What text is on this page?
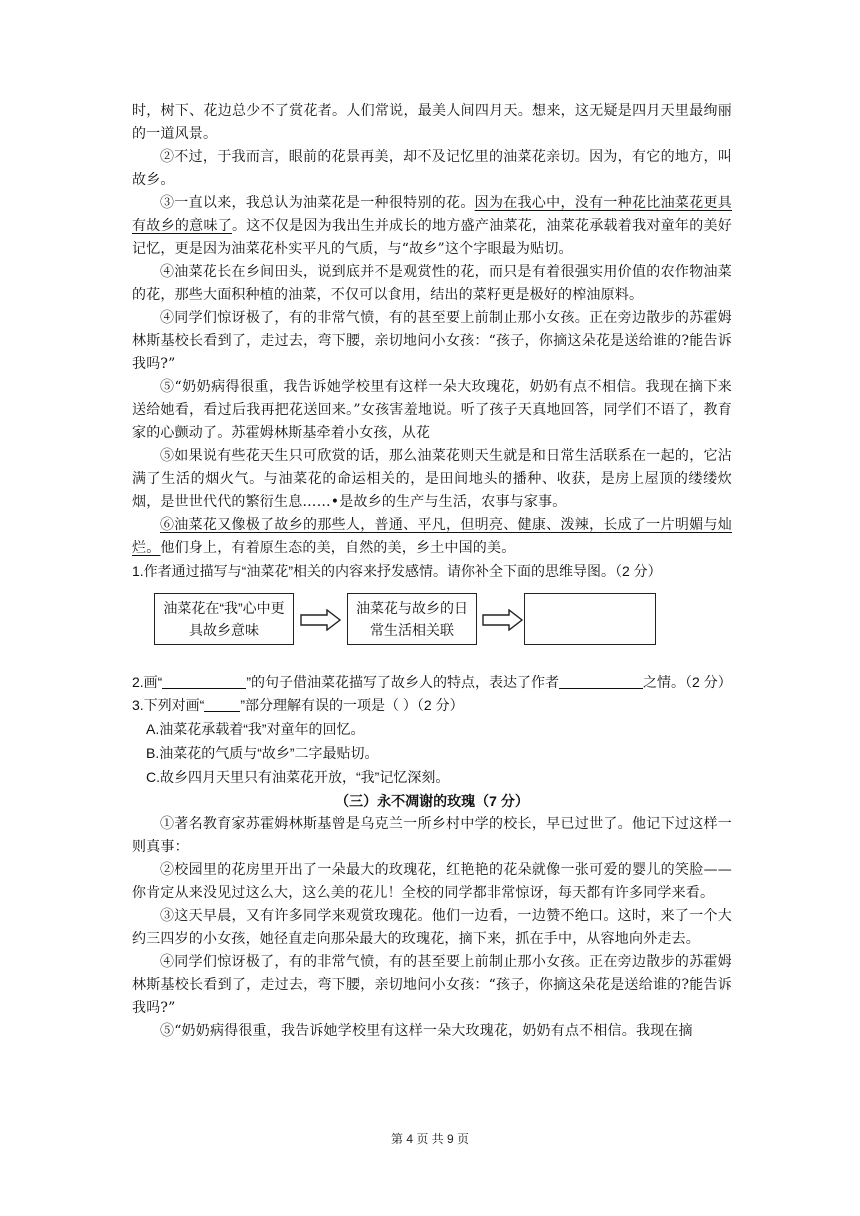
时，树下、花边总少不了赏花者。人们常说，最美人间四月天。想来，这无疑是四月天里最绚丽的一道风景。

②不过，于我而言，眼前的花景再美，却不及记忆里的油菜花亲切。因为，有它的地方，叫故乡。

③一直以来，我总认为油菜花是一种很特别的花。因为在我心中，没有一种花比油菜花更具有故乡的意味了。这不仅是因为我出生并成长的地方盛产油菜花，油菜花承载着我对童年的美好记忆，更是因为油菜花朴实平凡的气质，与“故乡”这个字眼最为贴切。

④油菜花长在乡间田头，说到底并不是观赏性的花，而只是有着很强实用价值的农作物油菜的花，那些大面积种植的油菜，不仅可以食用，结出的菜籽更是极好的榨油原料。

④同学们惊讶极了，有的非常气愤，有的甚至要上前制止那小女孩。正在旁边散步的苏霍姆林斯基校长看到了，走过去，弯下腰，亲切地问小女孩：“孩子，你摘这朵花是送给谁的?能告诉我吗?”

⑤“奶奶病得很重，我告诉她学校里有这样一朵大玫瑰花，奶奶有点不相信。我现在摘下来送给她看，看过后我再把花送回来。”女孩害羞地说。听了孩子天真地回答，同学们不语了，教育家的心颤动了。苏霍姆林斯基牵着小女孩，从花

⑤如果说有些花天生只可欣赏的话，那么油菜花则天生就是和日常生活联系在一起的，它沾满了生活的烟火气。与油菜花的命运相关的，是田间地头的播种、收获，是房上屋顶的缕缕炊烟，是世世代代的繁衍生息……•是故乡的生产与生活，农事与家事。

⑥油菜花又像极了故乡的那些人，普通、平凡，但明亮、健康、泼辣，长成了一片明媚与灿烂。他们身上，有着原生态的美，自然的美，乡土中国的美。

1.作者通过描写与“油菜花”相关的内容来抒发感情。请你补全下面的思维导图。（2 分）

油菜花在“我”心中更具故乡意味
油菜花与故乡的日常生活相关联

2.画“	”的句子借油菜花描写了故乡人的特点，表达了作者	之情。（2 分）

3.下列对画“	”部分理解有误的一项是（ ）（2 分）

A.油菜花承载着“我”对童年的回忆。

B.油菜花的气质与“故乡”二字最贴切。

C.故乡四月天里只有油菜花开放，“我”记忆深刻。

（三）永不凋谢的玫瑰（7 分）

①著名教育家苏霍姆林斯基曾是乌克兰一所乡村中学的校长，早已过世了。他记下过这样一则真事：

②校园里的花房里开出了一朵最大的玫瑰花，红艳艳的花朵就像一张可爱的婴儿的笑脸——你肯定从来没见过这么大，这么美的花儿！全校的同学都非常惊讶，每天都有许多同学来看。

③这天早晨，又有许多同学来观赏玫瑰花。他们一边看，一边赞不绝口。这时，来了一个大约三四岁的小女孩，她径直走向那朵最大的玫瑰花，摘下来，抓在手中，从容地向外走去。

④同学们惊讶极了，有的非常气愤，有的甚至要上前制止那小女孩。正在旁边散步的苏霍姆林斯基校长看到了，走过去，弯下腰，亲切地问小女孩：“孩子，你摘这朵花是送给谁的?能告诉我吗?”

⑤“奶奶病得很重，我告诉她学校里有这样一朵大玫瑰花，奶奶有点不相信。我现在摘

第 4 页 共 9 页
